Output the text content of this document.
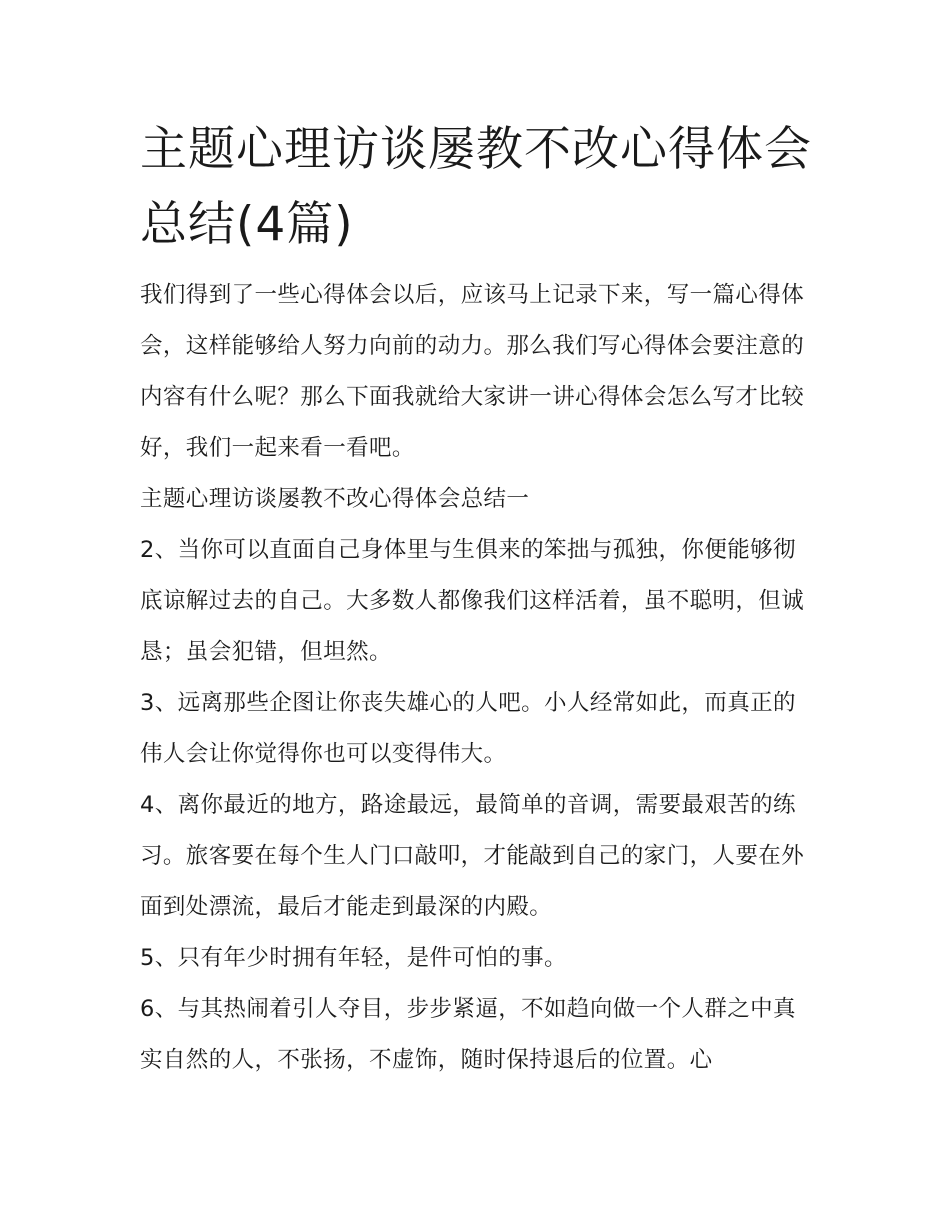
主题心理访谈屡教不改心得体会总结(4篇)

我们得到了一些心得体会以后，应该马上记录下来，写一篇心得体会，这样能够给人努力向前的动力。那么我们写心得体会要注意的内容有什么呢？那么下面我就给大家讲一讲心得体会怎么写才比较好，我们一起来看一看吧。

主题心理访谈屡教不改心得体会总结一

2、当你可以直面自己身体里与生俱来的笨拙与孤独，你便能够彻底谅解过去的自己。大多数人都像我们这样活着，虽不聪明，但诚恳；虽会犯错，但坦然。

3、远离那些企图让你丧失雄心的人吧。小人经常如此，而真正的伟人会让你觉得你也可以变得伟大。

4、离你最近的地方，路途最远，最简单的音调，需要最艰苦的练习。旅客要在每个生人门口敲叩，才能敲到自己的家门，人要在外面到处漂流，最后才能走到最深的内殿。

5、只有年少时拥有年轻，是件可怕的事。

6、与其热闹着引人夺目，步步紧逼，不如趋向做一个人群之中真实自然的人，不张扬，不虚饰，随时保持退后的位置。心
